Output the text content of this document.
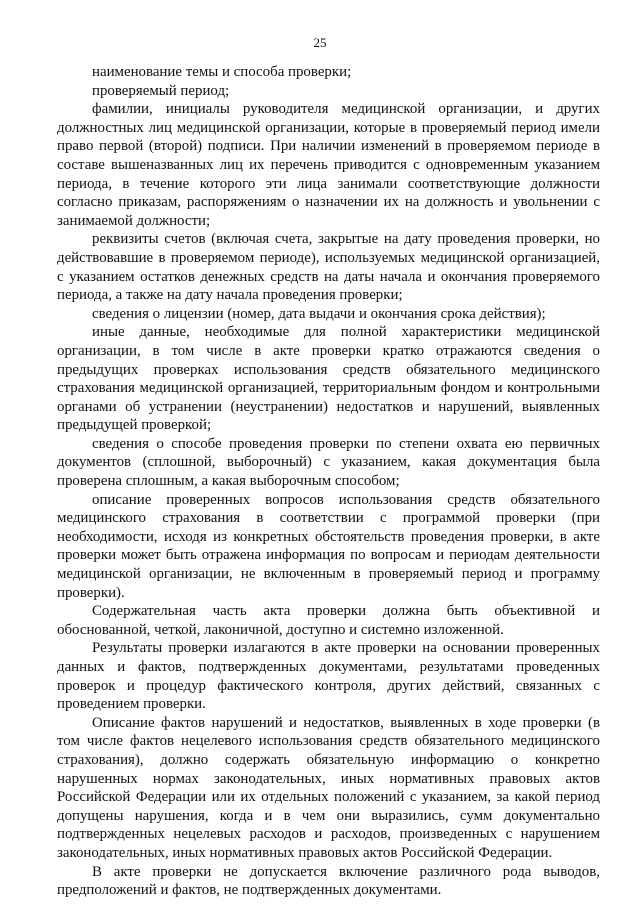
25

наименование темы и способа проверки;

проверяемый период;

фамилии, инициалы руководителя медицинской организации, и других должностных лиц медицинской организации, которые в проверяемый период имели право первой (второй) подписи. При наличии изменений в проверяемом периоде в составе вышеназванных лиц их перечень приводится с одновременным указанием периода, в течение которого эти лица занимали соответствующие должности согласно приказам, распоряжениям о назначении их на должность и увольнении с занимаемой должности;

реквизиты счетов (включая счета, закрытые на дату проведения проверки, но действовавшие в проверяемом периоде), используемых медицинской организацией, с указанием остатков денежных средств на даты начала и окончания проверяемого периода, а также на дату начала проведения проверки;

сведения о лицензии (номер, дата выдачи и окончания срока действия);

иные данные, необходимые для полной характеристики медицинской организации, в том числе в акте проверки кратко отражаются сведения о предыдущих проверках использования средств обязательного медицинского страхования медицинской организацией, территориальным фондом и контрольными органами об устранении (неустранении) недостатков и нарушений, выявленных предыдущей проверкой;

сведения о способе проведения проверки по степени охвата ею первичных документов (сплошной, выборочный) с указанием, какая документация была проверена сплошным, а какая выборочным способом;

описание проверенных вопросов использования средств обязательного медицинского страхования в соответствии с программой проверки (при необходимости, исходя из конкретных обстоятельств проведения проверки, в акте проверки может быть отражена информация по вопросам и периодам деятельности медицинской организации, не включенным в проверяемый период и программу проверки).

Содержательная часть акта проверки должна быть объективной и обоснованной, четкой, лаконичной, доступно и системно изложенной.

Результаты проверки излагаются в акте проверки на основании проверенных данных и фактов, подтвержденных документами, результатами проведенных проверок и процедур фактического контроля, других действий, связанных с проведением проверки.

Описание фактов нарушений и недостатков, выявленных в ходе проверки (в том числе фактов нецелевого использования средств обязательного медицинского страхования), должно содержать обязательную информацию о конкретно нарушенных нормах законодательных, иных нормативных правовых актов Российской Федерации или их отдельных положений с указанием, за какой период допущены нарушения, когда и в чем они выразились, сумм документально подтвержденных нецелевых расходов и расходов, произведенных с нарушением законодательных, иных нормативных правовых актов Российской Федерации.

В акте проверки не допускается включение различного рода выводов, предположений и фактов, не подтвержденных документами.
